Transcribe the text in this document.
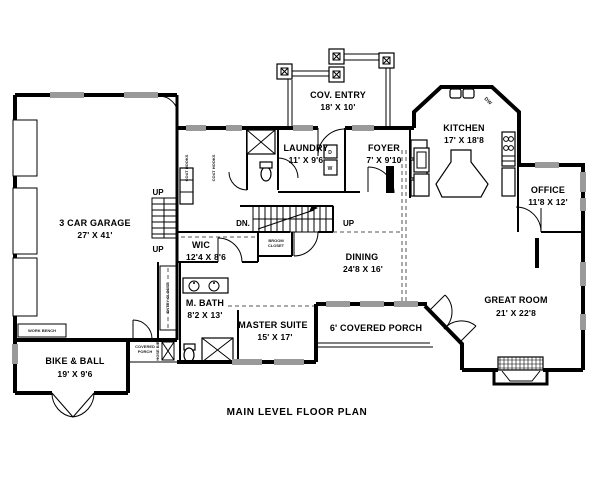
3 CAR GARAGE
27' X 41'
WORK BENCH
UP
UP
BIKE & BALL
19' X 9'6
COVERED
PORCH HOSE BIB
COAT HOOKS	COAT HOOKS
COV. ENTRY
18' X 10'
D
W
LAUNDRY
11' X 9'6
FOYER
7' X 9'10
DW
KITCHEN
17' X 18'8
OFFICE
11'8 X 12'
DN.	UP
BROOM
CLOSET
WIC
12'4 X 8'6
ENTRY CLOSET M. BATH
8'2 X 13'
MASTER SUITE
15' X 17'
DINING
24'8 X 16'
6' COVERED PORCH
GREAT ROOM
21' X 22'8
MAIN LEVEL FLOOR PLAN
